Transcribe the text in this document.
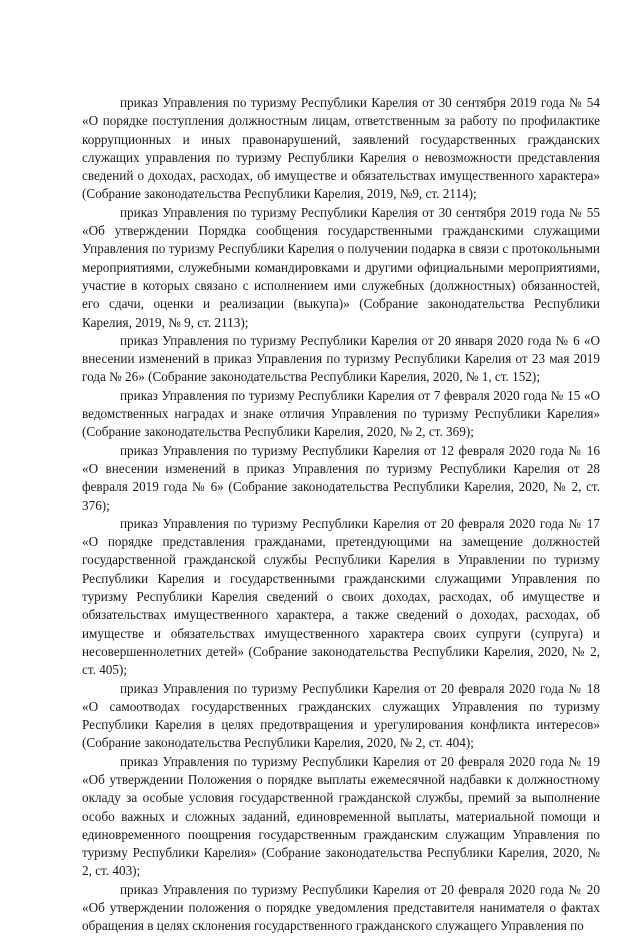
приказ Управления по туризму Республики Карелия от 30 сентября 2019 года № 54 «О порядке поступления должностным лицам, ответственным за работу по профилактике коррупционных и иных правонарушений, заявлений государственных гражданских служащих управления по туризму Республики Карелия о невозможности представления сведений о доходах, расходах, об имуществе и обязательствах имущественного характера» (Собрание законодательства Республики Карелия, 2019, №9, ст. 2114);

приказ Управления по туризму Республики Карелия от 30 сентября 2019 года № 55 «Об утверждении Порядка сообщения государственными гражданскими служащими Управления по туризму Республики Карелия о получении подарка в связи с протокольными мероприятиями, служебными командировками и другими официальными мероприятиями, участие в которых связано с исполнением ими служебных (должностных) обязанностей, его сдачи, оценки и реализации (выкупа)» (Собрание законодательства Республики Карелия, 2019, № 9, ст. 2113);

приказ Управления по туризму Республики Карелия от 20 января 2020 года № 6 «О внесении изменений в приказ Управления по туризму Республики Карелия от 23 мая 2019 года № 26» (Собрание законодательства Республики Карелия, 2020, № 1, ст. 152);

приказ Управления по туризму Республики Карелия от 7 февраля 2020 года № 15 «О ведомственных наградах и знаке отличия Управления по туризму Республики Карелия» (Собрание законодательства Республики Карелия, 2020, № 2, ст. 369);

приказ Управления по туризму Республики Карелия от 12 февраля 2020 года № 16 «О внесении изменений в приказ Управления по туризму Республики Карелия от 28 февраля 2019 года № 6» (Собрание законодательства Республики Карелия, 2020, № 2, ст. 376);

приказ Управления по туризму Республики Карелия от 20 февраля 2020 года № 17 «О порядке представления гражданами, претендующими на замещение должностей государственной гражданской службы Республики Карелия в Управлении по туризму Республики Карелия и государственными гражданскими служащими Управления по туризму Республики Карелия сведений о своих доходах, расходах, об имуществе и обязательствах имущественного характера, а также сведений о доходах, расходах, об имуществе и обязательствах имущественного характера своих супруги (супруга) и несовершеннолетних детей» (Собрание законодательства Республики Карелия, 2020, № 2, ст. 405);

приказ Управления по туризму Республики Карелия от 20 февраля 2020 года № 18 «О самоотводах государственных гражданских служащих Управления по туризму Республики Карелия в целях предотвращения и урегулирования конфликта интересов» (Собрание законодательства Республики Карелия, 2020, № 2, ст. 404);

приказ Управления по туризму Республики Карелия от 20 февраля 2020 года № 19 «Об утверждении Положения о порядке выплаты ежемесячной надбавки к должностному окладу за особые условия государственной гражданской службы, премий за выполнение особо важных и сложных заданий, единовременной выплаты, материальной помощи и единовременного поощрения государственным гражданским служащим Управления по туризму Республики Карелия» (Собрание законодательства Республики Карелия, 2020, № 2, ст. 403);

приказ Управления по туризму Республики Карелия от 20 февраля 2020 года № 20 «Об утверждении положения о порядке уведомления представителя нанимателя о фактах обращения в целях склонения государственного гражданского служащего Управления по
